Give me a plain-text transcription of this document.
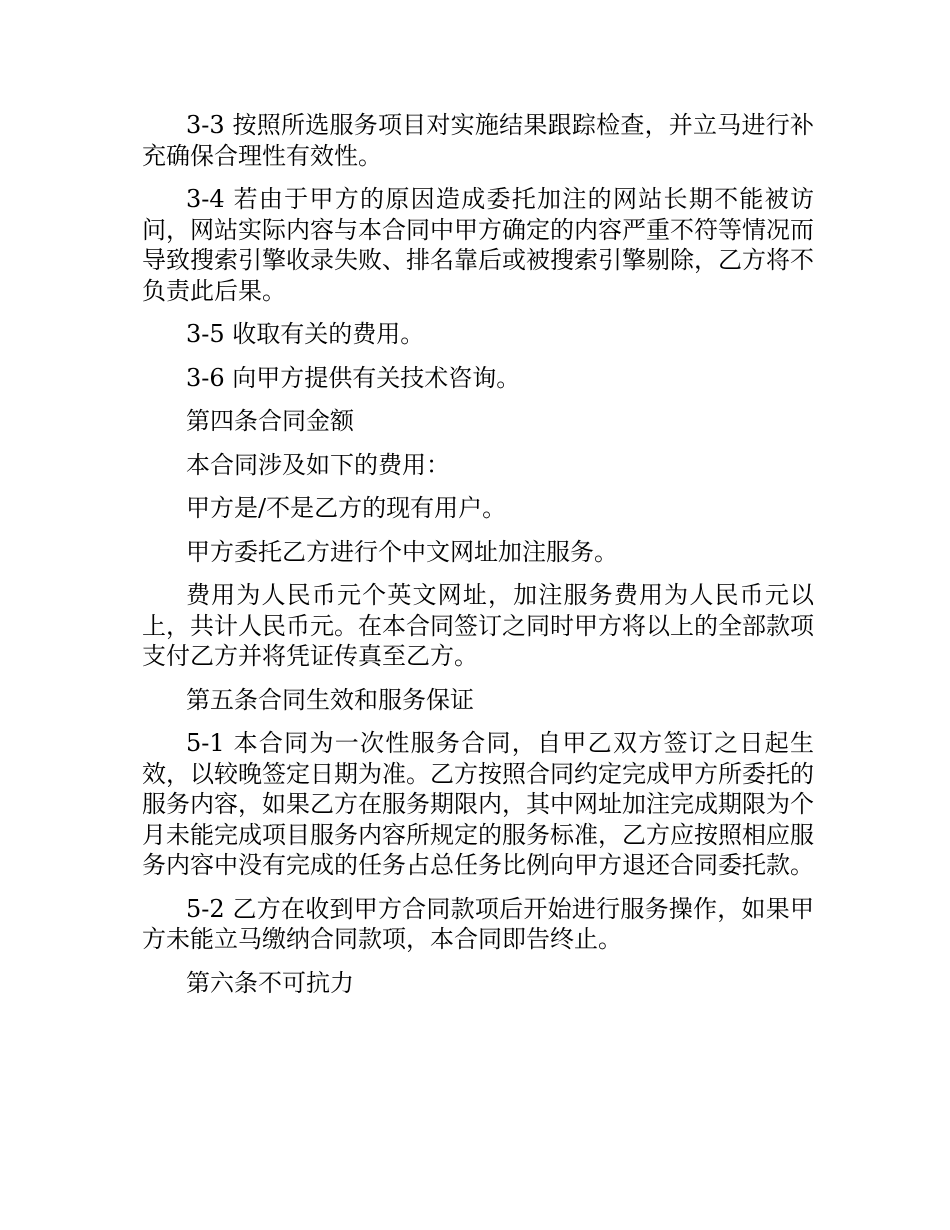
3-3 按照所选服务项目对实施结果跟踪检查，并立马进行补充确保合理性有效性。

3-4 若由于甲方的原因造成委托加注的网站长期不能被访问，网站实际内容与本合同中甲方确定的内容严重不符等情况而导致搜索引擎收录失败、排名靠后或被搜索引擎剔除，乙方将不负责此后果。

3-5 收取有关的费用。

3-6 向甲方提供有关技术咨询。

第四条合同金额

本合同涉及如下的费用：

甲方是/不是乙方的现有用户。

甲方委托乙方进行个中文网址加注服务。

费用为人民币元个英文网址，加注服务费用为人民币元以上，共计人民币元。在本合同签订之同时甲方将以上的全部款项支付乙方并将凭证传真至乙方。

第五条合同生效和服务保证

5-1 本合同为一次性服务合同，自甲乙双方签订之日起生效，以较晚签定日期为准。乙方按照合同约定完成甲方所委托的服务内容，如果乙方在服务期限内，其中网址加注完成期限为个月未能完成项目服务内容所规定的服务标准，乙方应按照相应服务内容中没有完成的任务占总任务比例向甲方退还合同委托款。

5-2 乙方在收到甲方合同款项后开始进行服务操作，如果甲方未能立马缴纳合同款项，本合同即告终止。

第六条不可抗力
